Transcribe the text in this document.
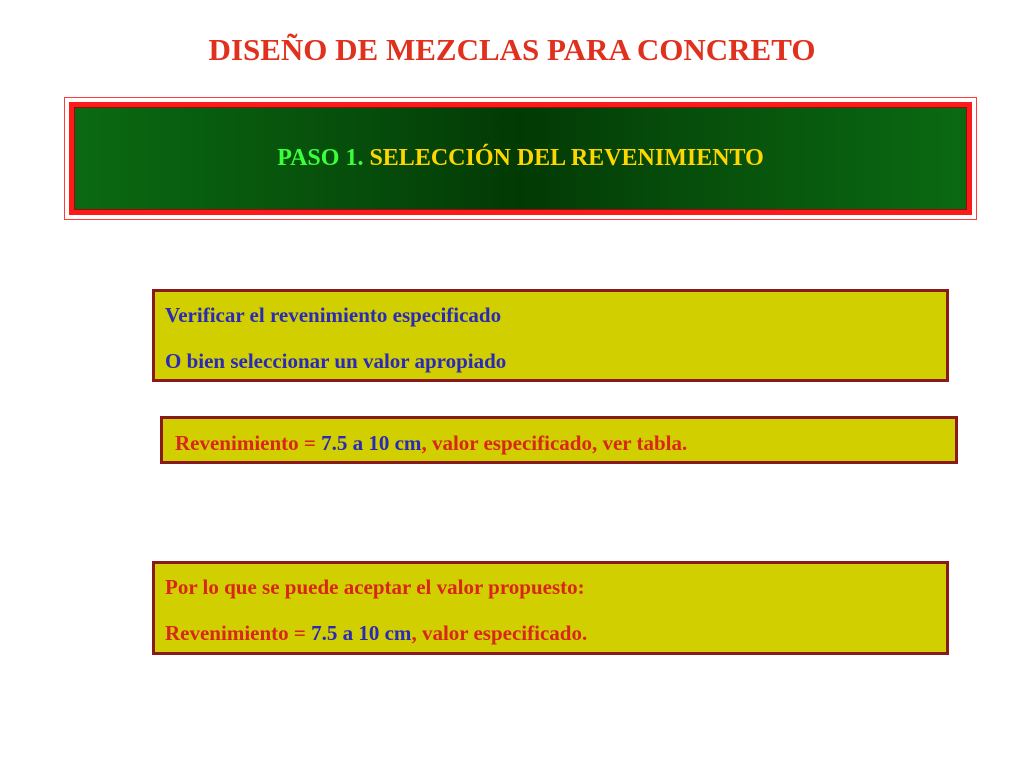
DISEÑO DE MEZCLAS PARA CONCRETO
PASO 1. SELECCIÓN DEL REVENIMIENTO
Verificar el revenimiento especificado
O bien seleccionar un valor apropiado
Revenimiento = 7.5 a 10 cm, valor especificado, ver tabla.
Por lo que se puede aceptar el valor propuesto:
Revenimiento = 7.5 a 10 cm, valor especificado.
